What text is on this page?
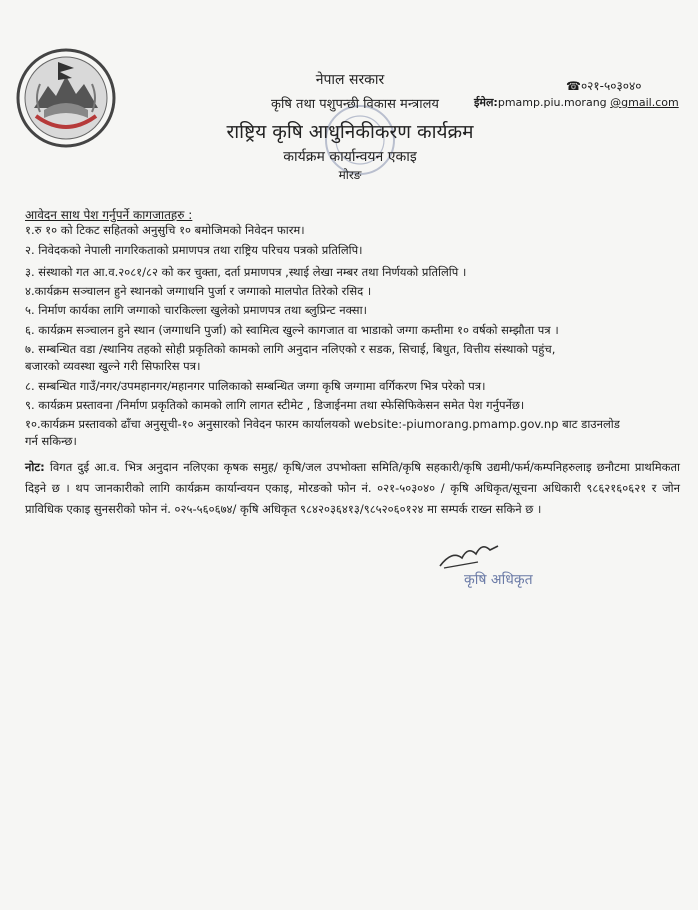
नेपाल सरकार
कृषि तथा पशुपन्छी विकास मन्त्रालय
राष्ट्रिय कृषि आधुनिकीकरण कार्यक्रम
कार्यक्रम कार्यान्वयन एकाइ
मोरङ
☎०२१-५०३०४०
ईमेल:pmamp.piu.morang @gmail.com
आवेदन साथ पेश गर्नुपर्ने कागजातहरु :
१.रु १० को टिकट सहितको अनुसुचि १० बमोजिमको निवेदन फारम।
२. निवेदकको नेपाली नागरिकताको प्रमाणपत्र तथा राष्ट्रिय परिचय पत्रको प्रतिलिपि।
३. संस्थाको गत आ.व.२०८१/८२ को कर चुक्ता, दर्ता प्रमाणपत्र ,स्थाई लेखा नम्बर तथा निर्णयको प्रतिलिपि ।
४.कार्यक्रम सञ्चालन हुने स्थानको जग्गाधनि पुर्जा र जग्गाको मालपोत तिरेको रसिद ।
५. निर्माण कार्यका लागि जग्गाको चारकिल्ला खुलेको प्रमाणपत्र तथा ब्लुप्रिन्ट नक्सा।
६. कार्यक्रम सञ्चालन हुने स्थान (जग्गाधनि पुर्जा) को स्वामित्व खुल्ने कागजात वा भाडाको जग्गा कम्तीमा १० वर्षको सम्झौता पत्र ।
७. सम्बन्धित वडा /स्थानिय तहको सोही प्रकृतिको कामको लागि अनुदान नलिएको र सडक, सिचाई, बिधुत, वित्तीय संस्थाको पहुंच,
बजारको व्यवस्था खुल्ने गरी सिफारिस पत्र।
८. सम्बन्धित गाउँ/नगर/उपमहानगर/महानगर पालिकाको सम्बन्धित जग्गा कृषि जग्गामा वर्गिकरण भित्र परेको पत्र।
९. कार्यक्रम प्रस्तावना /निर्माण प्रकृतिको कामको लागि लागत स्टीमेट , डिजाईनमा तथा स्फेसिफिकेसन समेत पेश गर्नुपर्नेछ।
१०.कार्यक्रम प्रस्तावको ढाँचा अनुसूची-१० अनुसारको निवेदन फारम कार्यालयको website:-piumorang.pmamp.gov.np बाट डाउनलोड
गर्न सकिन्छ।
नोट: विगत दुई आ.व. भित्र अनुदान नलिएका कृषक समुह/ कृषि/जल उपभोक्ता समिति/कृषि सहकारी/कृषि उद्यमी/फर्म/कम्पनिहरुलाइ छनौटमा प्राथमिकता दिइने छ । थप जानकारीको लागि कार्यक्रम कार्यान्वयन एकाइ, मोरङको फोन नं. ०२१-५०३०४० / कृषि अधिकृत/सूचना अधिकारी ९८६२१६०६२१ र जोन प्राविधिक एकाइ सुनसरीको फोन नं. ०२५-५६०६७४/ कृषि अधिकृत ९८४२०३६४१३/९८५२०६०१२४ मा सम्पर्क राख्न सकिने छ ।
कृषि अधिकृत
